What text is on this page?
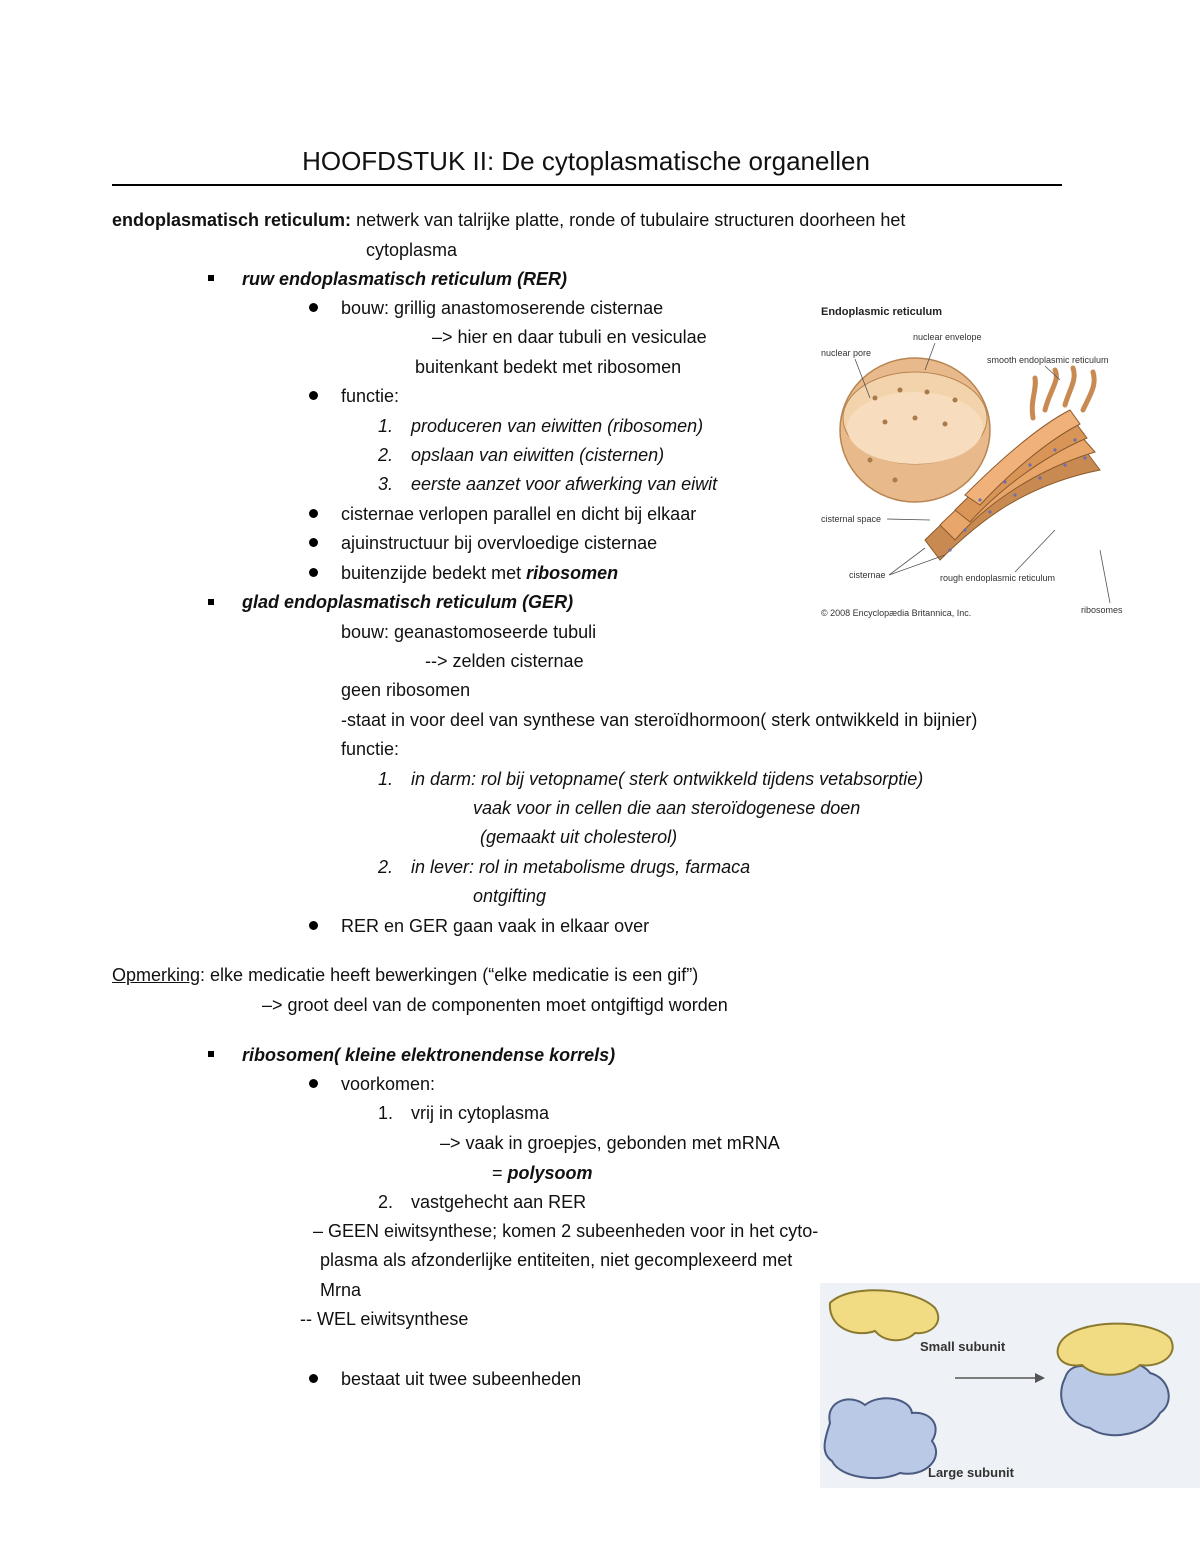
HOOFDSTUK II: De cytoplasmatische organellen
endoplasmatisch reticulum: netwerk van talrijke platte, ronde of tubulaire structuren doorheen het
cytoplasma
ruw endoplasmatisch reticulum (RER)
bouw: grillig anastomoserende cisternae
–> hier en daar tubuli en vesiculae
buitenkant bedekt met ribosomen
functie:
1. produceren van eiwitten (ribosomen)
2. opslaan van eiwitten (cisternen)
3. eerste aanzet voor afwerking van eiwit
cisternae verlopen parallel en dicht bij elkaar
ajuinstructuur bij overvloedige cisternae
buitenzijde bedekt met ribosomen
glad endoplasmatisch reticulum (GER)
bouw: geanastomoseerde tubuli
--> zelden cisternae
geen ribosomen
-staat in voor deel van synthese van steroïdhormoon( sterk ontwikkeld in bijnier)
functie:
1. in darm: rol bij vetopname( sterk ontwikkeld tijdens vetabsorptie)
vaak voor in cellen die aan steroïdogenese doen
(gemaakt uit cholesterol)
2. in lever: rol in metabolisme drugs, farmaca
ontgifting
RER en GER gaan vaak in elkaar over
Opmerking: elke medicatie heeft bewerkingen (“elke medicatie is een gif”)
–> groot deel van de componenten moet ontgiftigd worden
ribosomen( kleine elektronendense korrels)
voorkomen:
1. vrij in cytoplasma
–> vaak in groepjes, gebonden met mRNA
= polysoom
2. vastgehecht aan RER
– GEEN eiwitsynthese; komen 2 subeenheden voor in het cyto-
plasma als afzonderlijke entiteiten, niet gecomplexeerd met
Mrna
-- WEL eiwitsynthese
bestaat uit twee subeenheden
Endoplasmic reticulum
nuclear envelope
nuclear pore
smooth endoplasmic reticulum
cisternal space
cisternae	rough endoplasmic reticulum
ribosomes
© 2008 Encyclopædia Britannica, Inc.
Small subunit
Large subunit
